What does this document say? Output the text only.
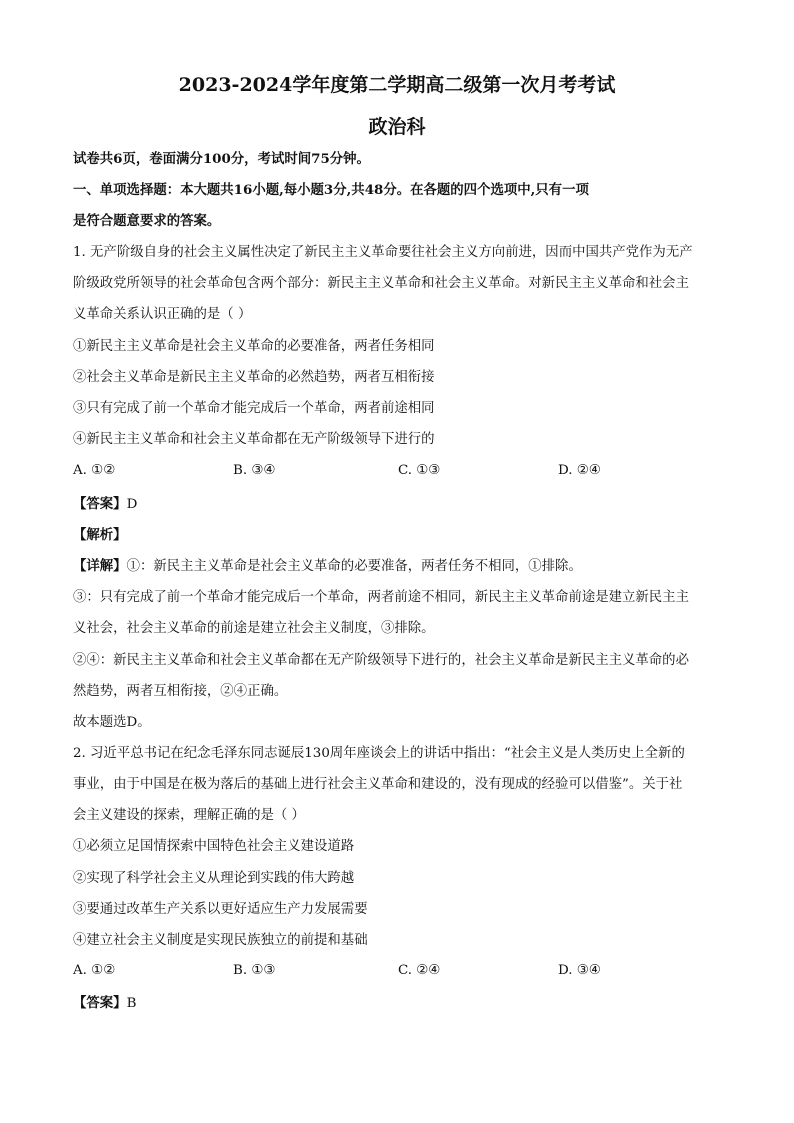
2023-2024学年度第二学期高二级第一次月考考试
政治科
试卷共6页，卷面满分100分，考试时间75分钟。
一、单项选择题：本大题共16小题,每小题3分,共48分。在各题的四个选项中,只有一项
是符合题意要求的答案。
1. 无产阶级自身的社会主义属性决定了新民主主义革命要往社会主义方向前进，因而中国共产党作为无产
阶级政党所领导的社会革命包含两个部分：新民主主义革命和社会主义革命。对新民主主义革命和社会主
义革命关系认识正确的是（ ）
①新民主主义革命是社会主义革命的必要准备，两者任务相同
②社会主义革命是新民主主义革命的必然趋势，两者互相衔接
③只有完成了前一个革命才能完成后一个革命，两者前途相同
④新民主主义革命和社会主义革命都在无产阶级领导下进行的
A. ①②	B. ③④	C. ①③	D. ②④
【答案】D
【解析】
【详解】①：新民主主义革命是社会主义革命的必要准备，两者任务不相同，①排除。
③：只有完成了前一个革命才能完成后一个革命，两者前途不相同，新民主主义革命前途是建立新民主主
义社会，社会主义革命的前途是建立社会主义制度，③排除。
②④：新民主主义革命和社会主义革命都在无产阶级领导下进行的，社会主义革命是新民主主义革命的必
然趋势，两者互相衔接，②④正确。
故本题选D。
2. 习近平总书记在纪念毛泽东同志诞辰130周年座谈会上的讲话中指出：“社会主义是人类历史上全新的
事业，由于中国是在极为落后的基础上进行社会主义革命和建设的，没有现成的经验可以借鉴”。关于社
会主义建设的探索，理解正确的是（ ）
①必须立足国情探索中国特色社会主义建设道路
②实现了科学社会主义从理论到实践的伟大跨越
③要通过改革生产关系以更好适应生产力发展需要
④建立社会主义制度是实现民族独立的前提和基础
A. ①②	B. ①③	C. ②④	D. ③④
【答案】B
